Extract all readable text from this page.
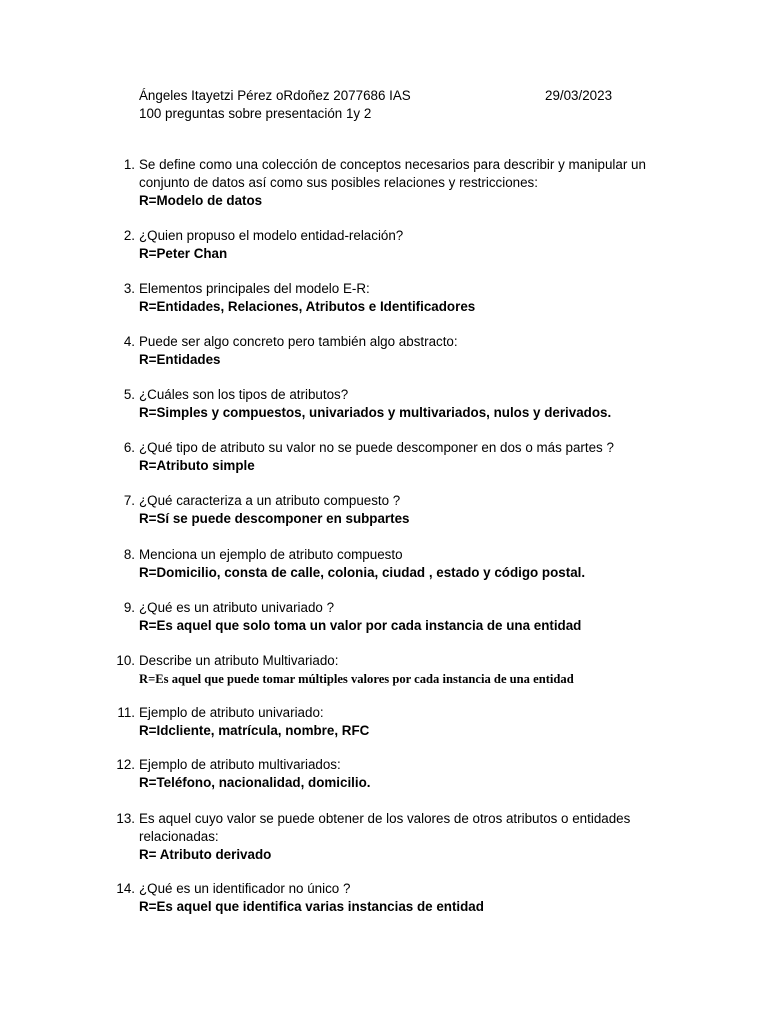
Ángeles Itayetzi Pérez oRdoñez 2077686 IAS	29/03/2023
100 preguntas sobre presentación 1y 2
1. Se define como una colección de conceptos necesarios para describir y manipular un conjunto de datos así como sus posibles relaciones y restricciones:
R=Modelo de datos
2. ¿Quien propuso el modelo entidad-relación?
R=Peter Chan
3. Elementos principales del modelo E-R:
R=Entidades, Relaciones, Atributos e Identificadores
4. Puede ser algo concreto pero también algo abstracto:
R=Entidades
5. ¿Cuáles son los tipos de atributos?
R=Simples y compuestos, univariados y multivariados, nulos y derivados.
6. ¿Qué tipo de atributo su valor no se puede descomponer en dos o más partes ?
R=Atributo simple
7. ¿Qué caracteriza a un atributo compuesto ?
R=Sí se puede descomponer en subpartes
8. Menciona un ejemplo de atributo compuesto
R=Domicilio, consta de calle, colonia, ciudad , estado y código postal.
9. ¿Qué es un atributo univariado ?
R=Es aquel que solo toma un valor por cada instancia de una entidad
10. Describe un atributo Multivariado:
R=Es aquel que puede tomar múltiples valores por cada instancia de una entidad
11. Ejemplo de atributo univariado:
R=Idcliente, matrícula, nombre, RFC
12. Ejemplo de atributo multivariados:
R=Teléfono, nacionalidad, domicilio.
13. Es aquel cuyo valor se puede obtener de los valores de otros atributos o entidades relacionadas:
R= Atributo derivado
14. ¿Qué es un identificador no único ?
R=Es aquel que identifica varias instancias de entidad
